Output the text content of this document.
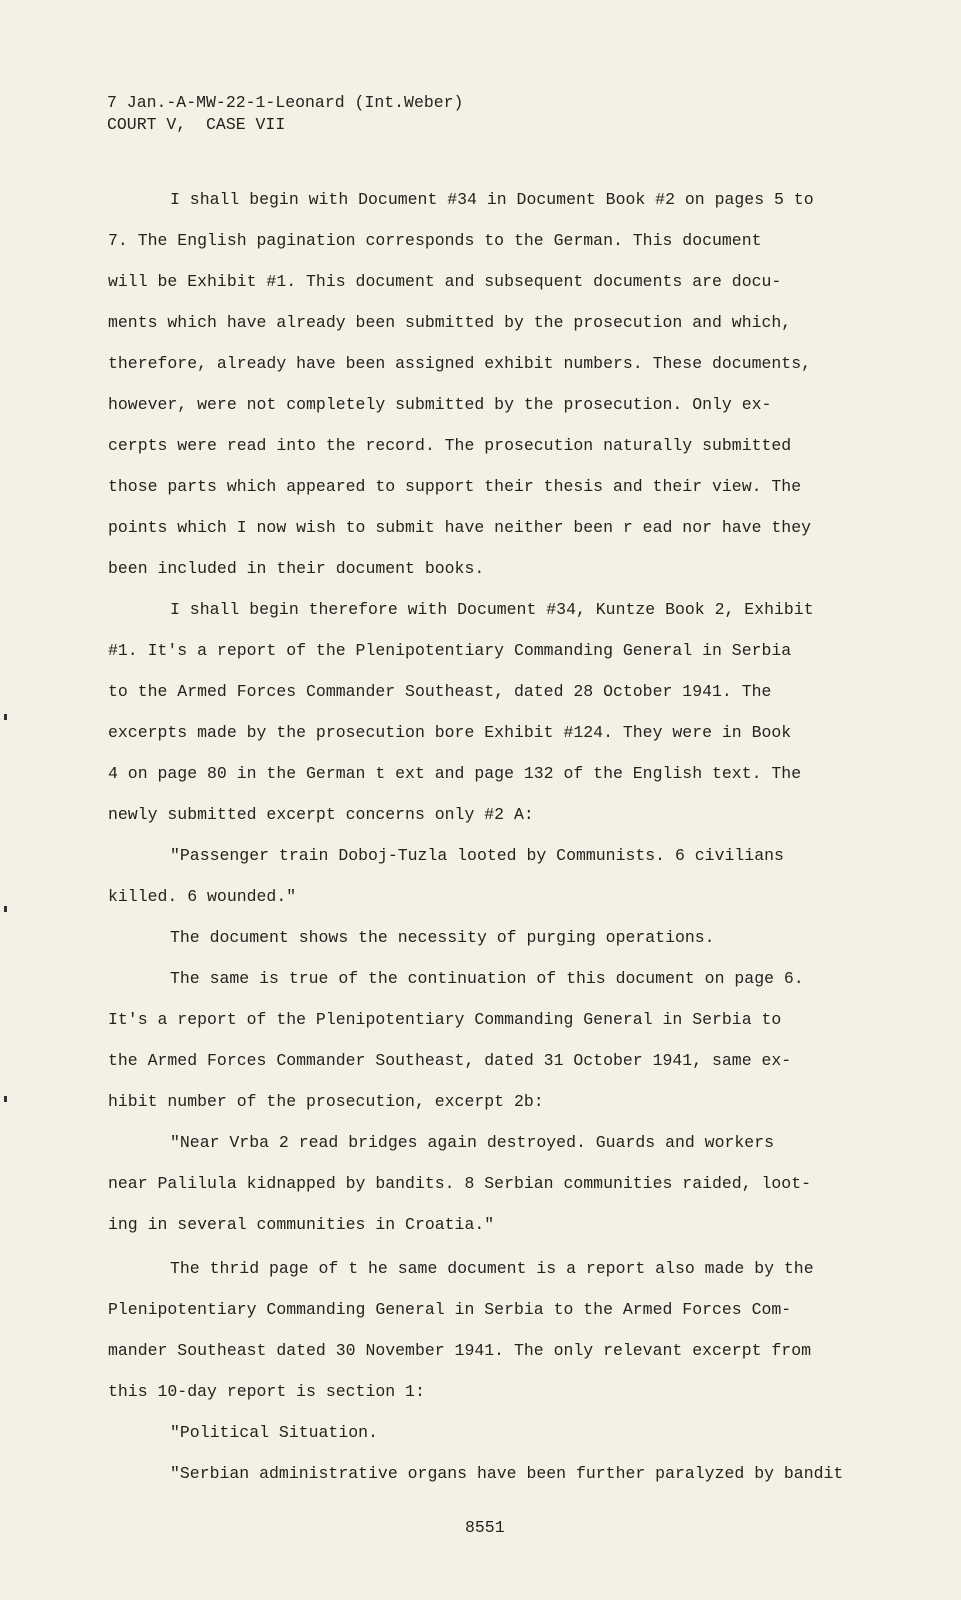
7 Jan.-A-MW-22-1-Leonard (Int.Weber)
COURT V,  CASE VII
I shall begin with Document #34 in Document Book #2 on pages 5 to
7. The English pagination corresponds to the German. This document
will be Exhibit #1. This document and subsequent documents are docu-
ments which have already been submitted by the prosecution and which,
therefore, already have been assigned exhibit numbers. These documents,
however, were not completely submitted by the prosecution. Only ex-
cerpts were read into the record. The prosecution naturally submitted
those parts which appeared to support their thesis and their view. The
points which I now wish to submit have neither been r ead nor have they
been included in their document books.
I shall begin therefore with Document #34, Kuntze Book 2, Exhibit
#1. It's a report of the Plenipotentiary Commanding General in Serbia
to the Armed Forces Commander Southeast, dated 28 October 1941. The
excerpts made by the prosecution bore Exhibit #124. They were in Book
4 on page 80 in the German t ext and page 132 of the English text. The
newly submitted excerpt concerns only #2 A:
"Passenger train Doboj-Tuzla looted by Communists. 6 civilians
killed. 6 wounded."
The document shows the necessity of purging operations.
The same is true of the continuation of this document on page 6.
It's a report of the Plenipotentiary Commanding General in Serbia to
the Armed Forces Commander Southeast, dated 31 October 1941, same ex-
hibit number of the prosecution, excerpt 2b:
"Near Vrba 2 read bridges again destroyed. Guards and workers
near Palilula kidnapped by bandits. 8 Serbian communities raided, loot-
ing in several communities in Croatia."
The thrid page of t he same document is a report also made by the
Plenipotentiary Commanding General in Serbia to the Armed Forces Com-
mander Southeast dated 30 November 1941. The only relevant excerpt from
this 10-day report is section 1:
"Political Situation.
"Serbian administrative organs have been further paralyzed by bandit
8551
